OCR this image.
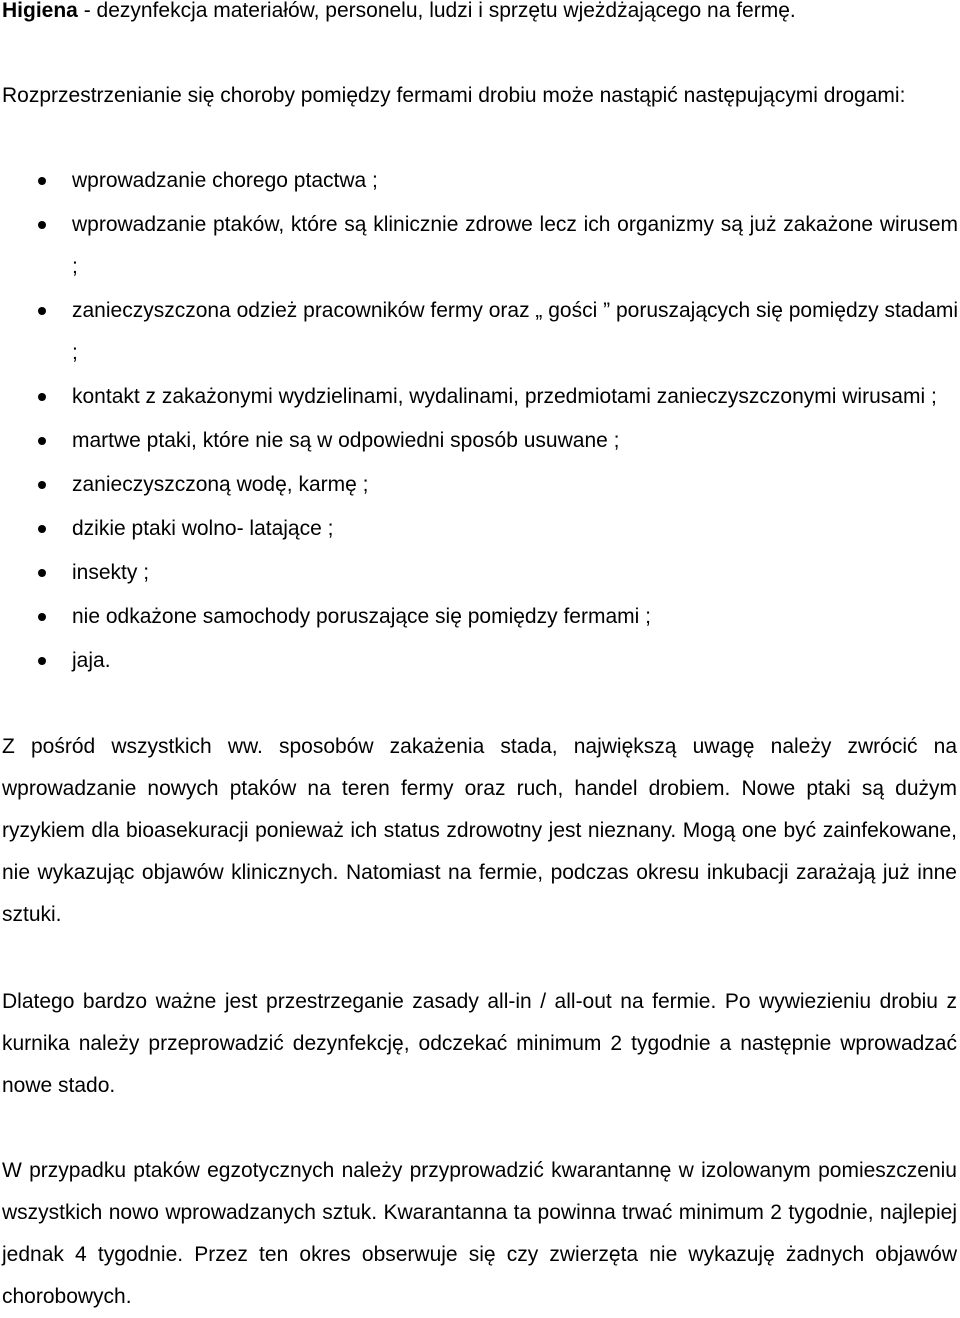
Higiena - dezynfekcja materiałów, personelu, ludzi i sprzętu wjeżdżającego na fermę.

Rozprzestrzenianie się choroby pomiędzy fermami drobiu może nastąpić następującymi drogami:

wprowadzanie chorego ptactwa ;
wprowadzanie ptaków, które są klinicznie zdrowe lecz ich organizmy są już zakażone wirusem ;
zanieczyszczona odzież pracowników fermy oraz „ gości ” poruszających się pomiędzy stadami ;
kontakt z zakażonymi wydzielinami, wydalinami, przedmiotami zanieczyszczonymi wirusami ;
martwe ptaki, które nie są w odpowiedni sposób usuwane ;
zanieczyszczoną wodę, karmę ;
dzikie ptaki wolno- latające ;
insekty ;
nie odkażone samochody poruszające się pomiędzy fermami ;
jaja.

Z pośród wszystkich ww. sposobów zakażenia stada, największą uwagę należy zwrócić na wprowadzanie nowych ptaków na teren fermy oraz ruch, handel drobiem. Nowe ptaki są dużym ryzykiem dla bioasekuracji ponieważ ich status zdrowotny jest nieznany. Mogą one być zainfekowane, nie wykazując objawów klinicznych. Natomiast na fermie, podczas okresu inkubacji zarażają już inne sztuki.

Dlatego bardzo ważne jest przestrzeganie zasady all-in / all-out na fermie. Po wywiezieniu drobiu z kurnika należy przeprowadzić dezynfekcję, odczekać minimum 2 tygodnie a następnie wprowadzać nowe stado.

W przypadku ptaków egzotycznych należy przyprowadzić kwarantannę w izolowanym pomieszczeniu wszystkich nowo wprowadzanych sztuk. Kwarantanna ta powinna trwać minimum 2 tygodnie, najlepiej jednak 4 tygodnie. Przez ten okres obserwuje się czy zwierzęta nie wykazuję żadnych objawów chorobowych.
